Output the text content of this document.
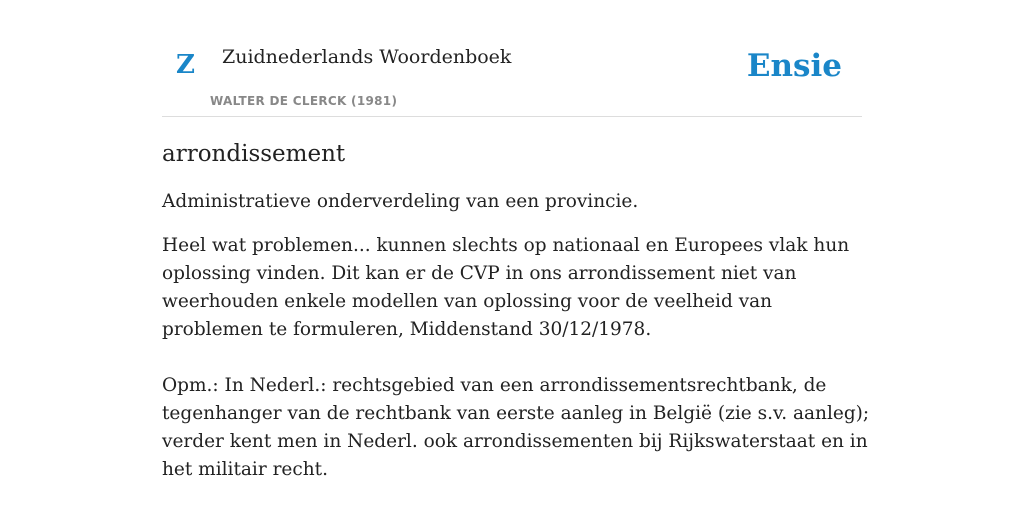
Z Zuidnederlands Woordenboek
WALTER DE CLERCK (1981)
Ensie
arrondissement

Administratieve onderverdeling van een provincie.

Heel wat problemen... kunnen slechts op nationaal en Europees vlak hun oplossing vinden. Dit kan er de CVP in ons arrondissement niet van weerhouden enkele modellen van oplossing voor de veelheid van problemen te formuleren, Middenstand 30/12/1978.

Opm.: In Nederl.: rechtsgebied van een arrondissementsrechtbank, de tegenhanger van de rechtbank van eerste aanleg in België (zie s.v. aanleg); verder kent men in Nederl. ook arrondissementen bij Rijkswaterstaat en in het militair recht.
